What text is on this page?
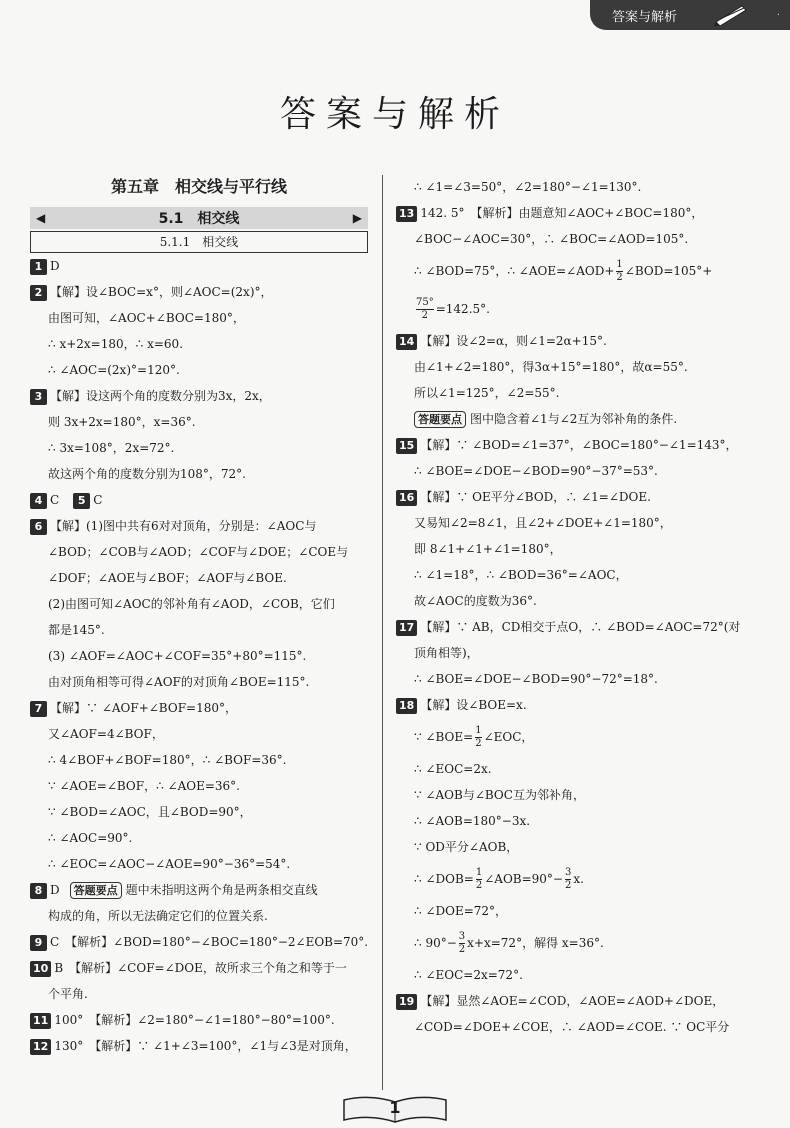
答案与解析	·
答案与解析
第五章　相交线与平行线
◀	5.1　相交线	▶
5.1.1　相交线
1 D
2 【解】设∠BOC=x°，则∠AOC=(2x)°，
由图可知，∠AOC+∠BOC=180°，
∴ x+2x=180，∴ x=60.
∴ ∠AOC=(2x)°=120°.
3 【解】设这两个角的度数分别为3x，2x，
则 3x+2x=180°，x=36°.
∴ 3x=108°，2x=72°.
故这两个角的度数分别为108°，72°.
4 C 5 C
6 【解】(1)图中共有6对对顶角，分别是：∠AOC与
∠BOD；∠COB与∠AOD；∠COF与∠DOE；∠COE与
∠DOF；∠AOE与∠BOF；∠AOF与∠BOE.
(2)由图可知∠AOC的邻补角有∠AOD，∠COB，它们
都是145°.
(3) ∠AOF=∠AOC+∠COF=35°+80°=115°.
由对顶角相等可得∠AOF的对顶角∠BOE=115°.
7 【解】∵ ∠AOF+∠BOF=180°，
又∠AOF=4∠BOF，
∴ 4∠BOF+∠BOF=180°，∴ ∠BOF=36°.
∵ ∠AOE=∠BOF，∴ ∠AOE=36°.
∵ ∠BOD=∠AOC，且∠BOD=90°，
∴ ∠AOC=90°.
∴ ∠EOC=∠AOC−∠AOE=90°−36°=54°.
8 D 答题要点 题中未指明这两个角是两条相交直线
构成的角，所以无法确定它们的位置关系.
9 C　【解析】∠BOD=180°−∠BOC=180°−2∠EOB=70°.
10 B　【解析】∠COF=∠DOE，故所求三个角之和等于一
个平角.
11 100°　【解析】∠2=180°−∠1=180°−80°=100°.
12 130°　【解析】∵ ∠1+∠3=100°，∠1与∠3是对顶角，
∴ ∠1=∠3=50°，∠2=180°−∠1=130°.
13 142. 5°　【解析】由题意知∠AOC+∠BOC=180°，
∠BOC−∠AOC=30°，∴ ∠BOC=∠AOD=105°.
∴ ∠BOD=75°，∴ ∠AOE=∠AOD+ $\frac{1}{2}$ ∠BOD=105°+
$\frac{75^\circ}{2} =142.5^\circ$.
14 【解】设∠2=α，则∠1=2α+15°.
由∠1+∠2=180°，得3α+15°=180°，故α=55°.
所以∠1=125°，∠2=55°.
答题要点 图中隐含着∠1与∠2互为邻补角的条件.
15 【解】∵ ∠BOD=∠1=37°，∠BOC=180°−∠1=143°，
∴ ∠BOE=∠DOE−∠BOD=90°−37°=53°.
16 【解】∵ OE平分∠BOD，∴ ∠1=∠DOE.
又易知∠2=8∠1，且∠2+∠DOE+∠1=180°，
即 8∠1+∠1+∠1=180°，
∴ ∠1=18°，∴ ∠BOD=36°=∠AOC，
故∠AOC的度数为36°.
17 【解】∵ AB，CD相交于点O，∴ ∠BOD=∠AOC=72°(对
顶角相等)，
∴ ∠BOE=∠DOE−∠BOD=90°−72°=18°.
18 【解】设∠BOE=x.
∵ ∠BOE= $\frac{1}{2}$ ∠EOC，
∴ ∠EOC=2x.
∵ ∠AOB与∠BOC互为邻补角，
∴ ∠AOB=180°−3x.
∵ OD平分∠AOB，
∴ ∠DOB= $\frac{1}{2}$ ∠AOB=90°− $\frac{3}{2} x$.
∴ ∠DOE=72°，
∴ $90^\circ- \frac{3}{2} x+x=72^\circ$，解得 x=36°.
∴ ∠EOC=2x=72°.
19 【解】显然∠AOE=∠COD，∠AOE=∠AOD+∠DOE，
∠COD=∠DOE+∠COE，∴ ∠AOD=∠COE. ∵ OC平分
1
